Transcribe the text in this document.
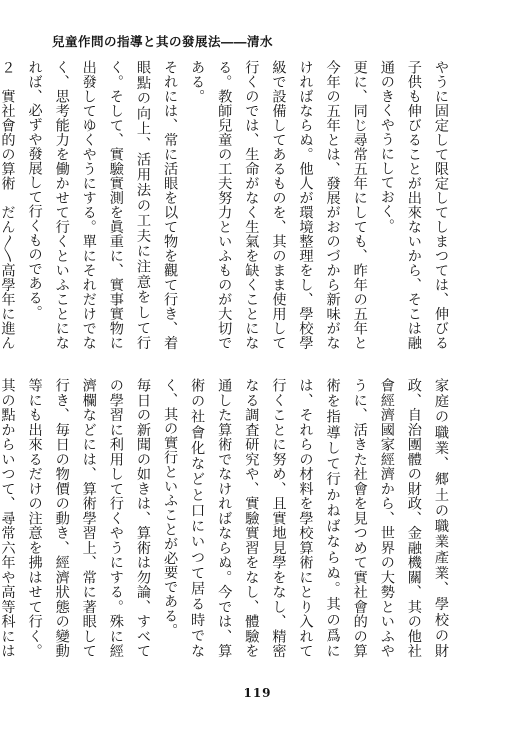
兒童作問の指導と其の發展法――清水
やうに固定して限定してしまつては、伸びる子供も伸びることが出來ないから、そこは融通のきくやうにしておく。
更に、同じ尋常五年にしても、昨年の五年と今年の五年とは、發展がおのづから新味がなければならぬ。他人が環境整理をし、學校學級で設備してあるものを、其のまま使用して行くのでは、生命がなく生氣を缺くことになる。教師兒童の工夫努力といふものが大切である。
それには、常に活眼を以て物を觀て行き、着眼點の向上、活用法の工夫に注意をして行く。そして、實驗實測を眞重に、實事實物に出發してゆくやうにする。單にそれだけでなく、思考能力を働かせて行くといふことになれば、必ずや發展して行くものである。
２　實社會的の算術　だん〳〵高學年に進ん
家庭の職業、郷土の職業產業、學校の財政、自治團體の財政、金融機關、其の他社會經濟國家經濟から、世界の大勢といふやうに、活きた社會を見つめて實社會的の算術を指導して行かねばならぬ。其の爲には、それらの材料を學校算術にとり入れて行くことに努め、且實地見學をなし、精密なる調査研究や、實驗實習をなし、體驗を通した算術でなければならぬ。今では、算術の社會化などと口にいつて居る時でなく、其の實行といふことが必要である。
毎日の新聞の如きは、算術は勿論、すべての學習に利用して行くやうにする。殊に經濟欄などには、算術學習上、常に著眼して行き、毎日の物價の動き、經濟狀態の變動等にも出來るだけの注意を拂はせて行く。其の點からいつて、尋常六年や高等科には
119
